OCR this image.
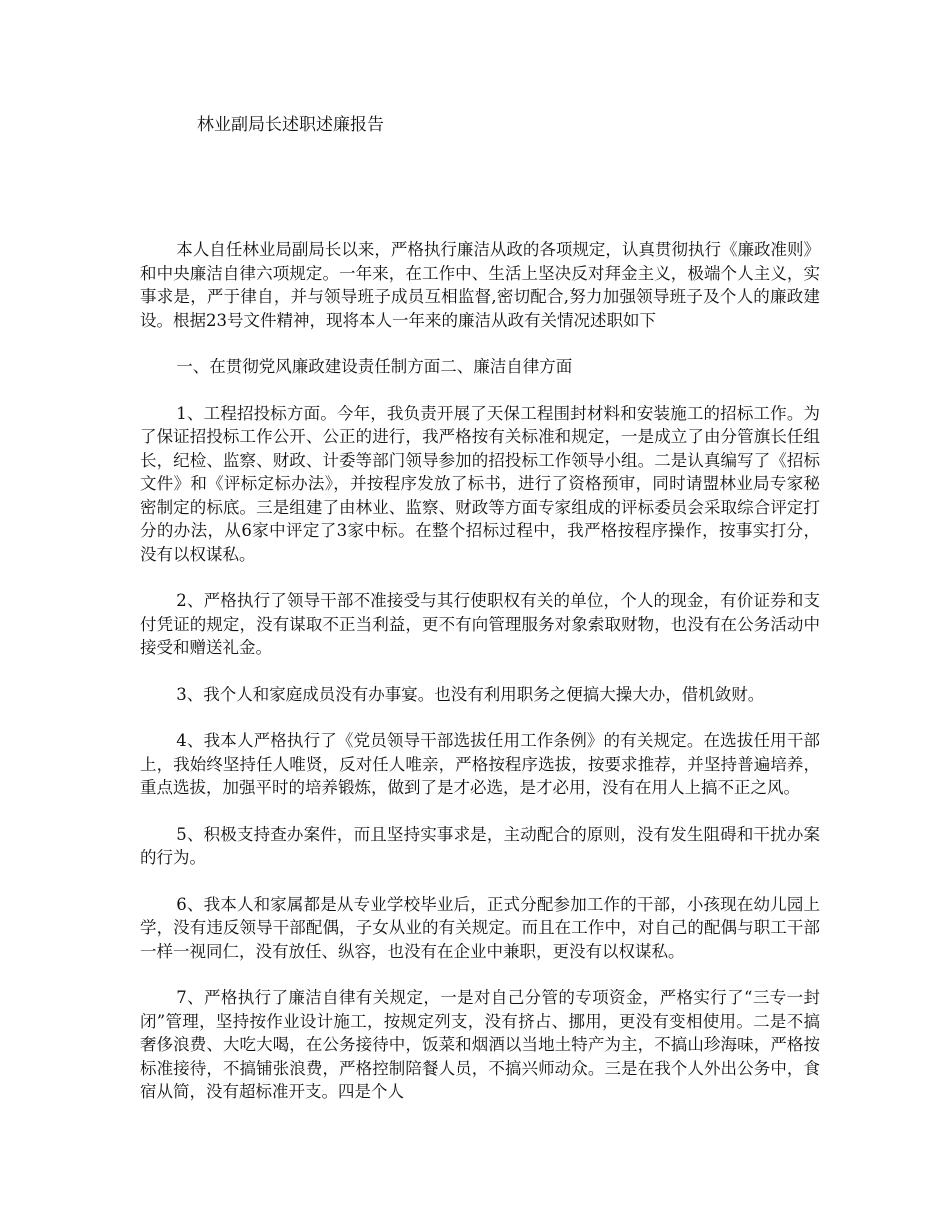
林业副局长述职述廉报告

本人自任林业局副局长以来，严格执行廉洁从政的各项规定，认真贯彻执行《廉政准则》和中央廉洁自律六项规定。一年来，在工作中、生活上坚决反对拜金主义，极端个人主义，实事求是，严于律自，并与领导班子成员互相监督,密切配合,努力加强领导班子及个人的廉政建设。根据23号文件精神，现将本人一年来的廉洁从政有关情况述职如下

一、在贯彻党风廉政建设责任制方面二、廉洁自律方面

1、工程招投标方面。今年，我负责开展了天保工程围封材料和安装施工的招标工作。为了保证招投标工作公开、公正的进行，我严格按有关标准和规定，一是成立了由分管旗长任组长，纪检、监察、财政、计委等部门领导参加的招投标工作领导小组。二是认真编写了《招标文件》和《评标定标办法》，并按程序发放了标书，进行了资格预审，同时请盟林业局专家秘密制定的标底。三是组建了由林业、监察、财政等方面专家组成的评标委员会采取综合评定打分的办法，从6家中评定了3家中标。在整个招标过程中，我严格按程序操作，按事实打分，没有以权谋私。

2、严格执行了领导干部不准接受与其行使职权有关的单位，个人的现金，有价证券和支付凭证的规定，没有谋取不正当利益，更不有向管理服务对象索取财物，也没有在公务活动中接受和赠送礼金。

3、我个人和家庭成员没有办事宴。也没有利用职务之便搞大操大办，借机敛财。

4、我本人严格执行了《党员领导干部选拔任用工作条例》的有关规定。在选拔任用干部上，我始终坚持任人唯贤，反对任人唯亲，严格按程序选拔，按要求推荐，并坚持普遍培养，重点选拔，加强平时的培养锻炼，做到了是才必选，是才必用，没有在用人上搞不正之风。

5、积极支持查办案件，而且坚持实事求是，主动配合的原则，没有发生阻碍和干扰办案的行为。

6、我本人和家属都是从专业学校毕业后，正式分配参加工作的干部，小孩现在幼儿园上学，没有违反领导干部配偶，子女从业的有关规定。而且在工作中，对自己的配偶与职工干部一样一视同仁，没有放任、纵容，也没有在企业中兼职，更没有以权谋私。

7、严格执行了廉洁自律有关规定，一是对自己分管的专项资金，严格实行了“三专一封闭”管理，坚持按作业设计施工，按规定列支，没有挤占、挪用，更没有变相使用。二是不搞奢侈浪费、大吃大喝，在公务接待中，饭菜和烟酒以当地土特产为主，不搞山珍海味，严格按标准接待，不搞铺张浪费，严格控制陪餐人员，不搞兴师动众。三是在我个人外出公务中，食宿从简，没有超标准开支。四是个人
